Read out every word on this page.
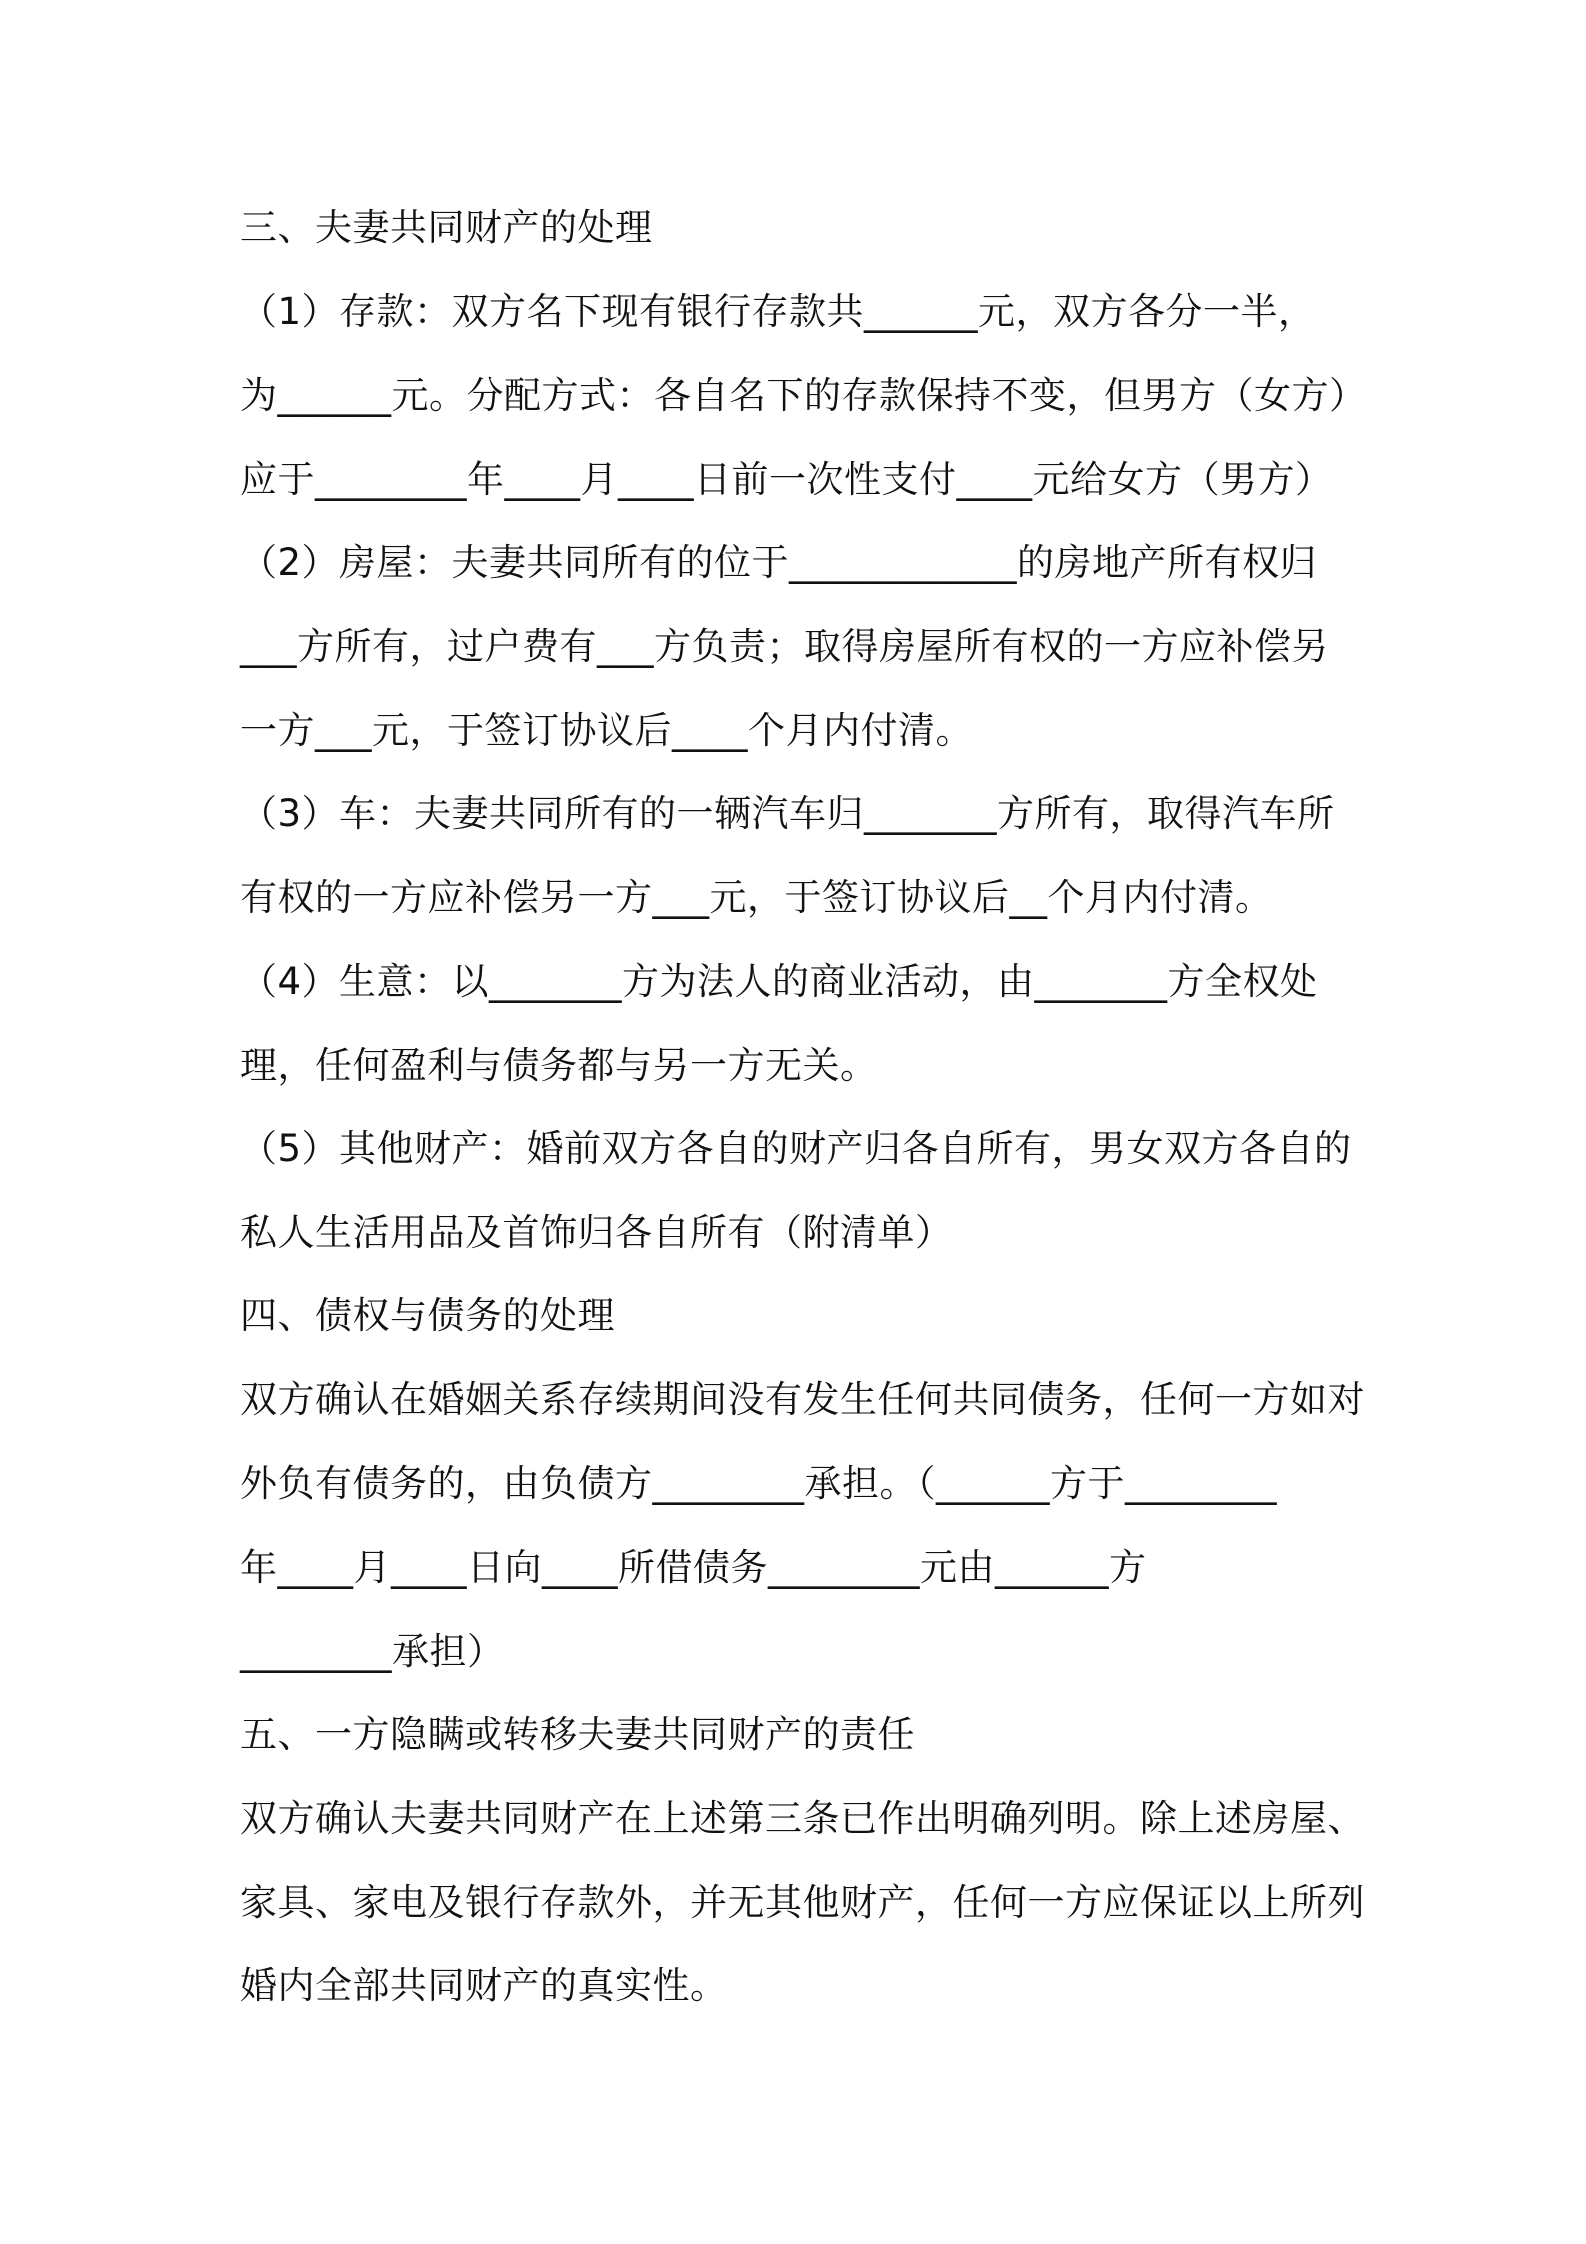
三、夫妻共同财产的处理
（1）存款：双方名下现有银行存款共______元，双方各分一半，
为______元。分配方式：各自名下的存款保持不变，但男方（女方）
应于________年____月____日前一次性支付____元给女方（男方）
（2）房屋：夫妻共同所有的位于____________的房地产所有权归
___方所有，过户费有___方负责；取得房屋所有权的一方应补偿另
一方___元，于签订协议后____个月内付清。
（3）车：夫妻共同所有的一辆汽车归_______方所有，取得汽车所
有权的一方应补偿另一方___元，于签订协议后__个月内付清。
（4）生意：以_______方为法人的商业活动，由_______方全权处
理，任何盈利与债务都与另一方无关。
（5）其他财产：婚前双方各自的财产归各自所有，男女双方各自的
私人生活用品及首饰归各自所有（附清单）
四、债权与债务的处理
双方确认在婚姻关系存续期间没有发生任何共同债务，任何一方如对
外负有债务的，由负债方________承担。（______方于________
年____月____日向____所借债务________元由______方
________承担）
五、一方隐瞒或转移夫妻共同财产的责任
双方确认夫妻共同财产在上述第三条已作出明确列明。除上述房屋、
家具、家电及银行存款外，并无其他财产，任何一方应保证以上所列
婚内全部共同财产的真实性。
